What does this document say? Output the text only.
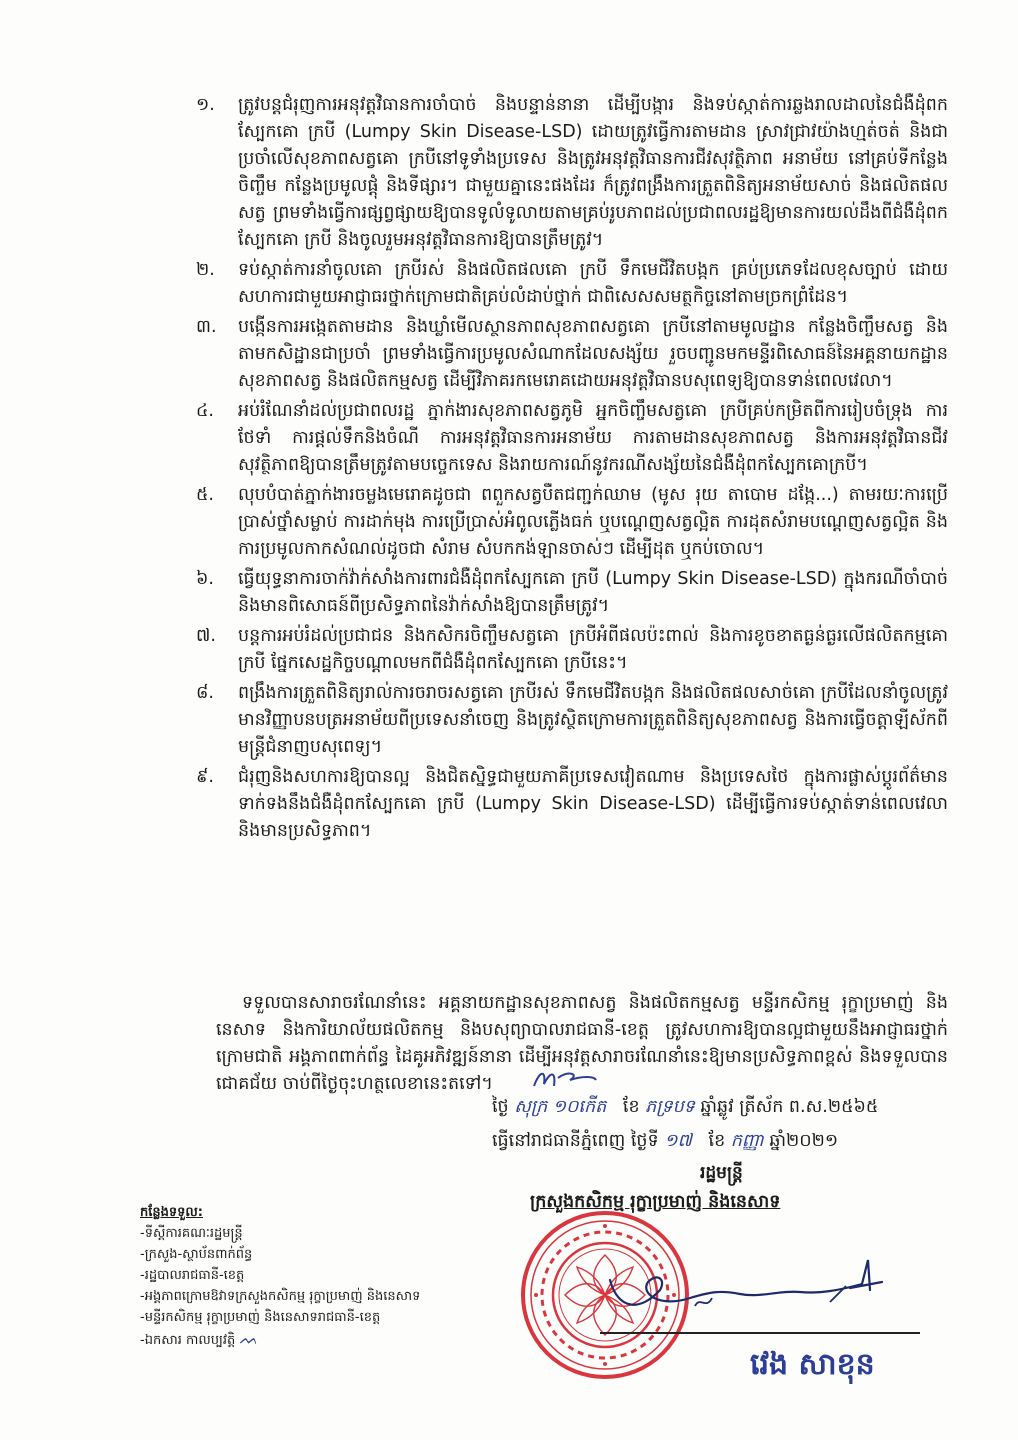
១. ត្រូវបន្តជំរុញការអនុវត្តវិធានការចាំបាច់ និងបន្ទាន់នានា ដើម្បីបង្ការ និងទប់ស្កាត់ការឆ្លងរាលដាលនៃជំងឺដុំពកស្បែកគោ ក្របី (Lumpy Skin Disease-LSD) ដោយត្រូវធ្វើការតាមដាន ស្រាវជ្រាវយ៉ាងហ្មត់ចត់ និងជាប្រចាំលើសុខភាពសត្វគោ ក្របីនៅទូទាំងប្រទេស និងត្រូវអនុវត្តវិធានការជីវសុវត្ថិភាព អនាម័យ នៅគ្រប់ទីកន្លែងចិញ្ចឹម កន្លែងប្រមូលផ្តុំ និងទីផ្សារ។ ជាមួយគ្នានេះផងដែរ ក៏ត្រូវពង្រឹងការត្រួតពិនិត្យអនាម័យសាច់ និងផលិតផលសត្វ ព្រមទាំងធ្វើការផ្សព្វផ្សាយឱ្យបានទូលំទូលាយតាមគ្រប់រូបភាពដល់ប្រជាពលរដ្ឋឱ្យមានការយល់ដឹងពីជំងឺដុំពកស្បែកគោ ក្របី និងចូលរួមអនុវត្តវិធានការឱ្យបានត្រឹមត្រូវ។
២. ទប់ស្កាត់ការនាំចូលគោ ក្របីរស់ និងផលិតផលគោ ក្របី ទឹកមេជីវិតបង្កក គ្រប់ប្រភេទដែលខុសច្បាប់ ដោយសហការជាមួយអាជ្ញាធរថ្នាក់ក្រោមជាតិគ្រប់លំដាប់ថ្នាក់ ជាពិសេសសមត្ថកិច្ចនៅតាមច្រកព្រំដែន។
៣. បង្កើនការអង្កេតតាមដាន និងឃ្លាំមើលស្ថានភាពសុខភាពសត្វគោ ក្របីនៅតាមមូលដ្ឋាន កន្លែងចិញ្ចឹមសត្វ និងតាមកសិដ្ឋានជាប្រចាំ ព្រមទាំងធ្វើការប្រមូលសំណាកដែលសង្ស័យ រួចបញ្ជូនមកមន្ទីរពិសោធន៍នៃអគ្គនាយកដ្ឋានសុខភាពសត្វ និងផលិតកម្មសត្វ ដើម្បីវិភាគរកមេរោគដោយអនុវត្តវិធានបសុពេទ្យឱ្យបានទាន់ពេលវេលា។
៤. អប់រំណែនាំដល់ប្រជាពលរដ្ឋ ភ្នាក់ងារសុខភាពសត្វភូមិ អ្នកចិញ្ចឹមសត្វគោ ក្របីគ្រប់កម្រិតពីការរៀបចំទ្រុង ការថែទាំ ការផ្តល់ទឹកនិងចំណី ការអនុវត្តវិធានការអនាម័យ ការតាមដានសុខភាពសត្វ និងការអនុវត្តវិធានជីវសុវត្ថិភាពឱ្យបានត្រឹមត្រូវតាមបច្ចេកទេស និងរាយការណ៍នូវករណីសង្ស័យនៃជំងឺដុំពកស្បែកគោក្របី។
៥. លុបបំបាត់ភ្នាក់ងារចម្លងមេរោគដូចជា ពពួកសត្វបឺតជញ្ជក់ឈាម (មូស រុយ តាបោម ដង្កែ...) តាមរយៈការប្រើប្រាស់ថ្នាំសម្លាប់ ការដាក់មុង ការប្រើប្រាស់អំពូលភ្លើងធក់ ឬបណ្តេញសត្វល្អិត ការដុតសំរាមបណ្តេញសត្វល្អិត និងការប្រមូលកាកសំណល់ដូចជា សំរាម សំបកកង់ឡានចាស់ៗ ដើម្បីដុត ឬកប់ចោល។
៦. ធ្វើយុទ្ធនាការចាក់វ៉ាក់សាំងការពារជំងឺដុំពកស្បែកគោ ក្របី (Lumpy Skin Disease-LSD) ក្នុងករណីចាំបាច់ និងមានពិសោធន៍ពីប្រសិទ្ធភាពនៃវ៉ាក់សាំងឱ្យបានត្រឹមត្រូវ។
៧. បន្តការអប់រំដល់ប្រជាជន និងកសិករចិញ្ចឹមសត្វគោ ក្របីអំពីផលប៉ះពាល់ និងការខូចខាតធ្ងន់ធ្ងរលើផលិតកម្មគោ ក្របី ផ្នែកសេដ្ឋកិច្ចបណ្តាលមកពីជំងឺដុំពកស្បែកគោ ក្របីនេះ។
៨. ពង្រឹងការត្រួតពិនិត្យរាល់ការចរាចរសត្វគោ ក្របីរស់ ទឹកមេជីវិតបង្កក និងផលិតផលសាច់គោ ក្របីដែលនាំចូលត្រូវមានវិញ្ញាបនបត្រអនាម័យពីប្រទេសនាំចេញ និងត្រូវស្ថិតក្រោមការត្រួតពិនិត្យសុខភាពសត្វ និងការធ្វើចត្តាឡីស័កពីមន្ត្រីជំនាញបសុពេទ្យ។
៩. ជំរុញនិងសហការឱ្យបានល្អ និងជិតស្និទ្ធជាមួយភាគីប្រទេសវៀតណាម និងប្រទេសថៃ ក្នុងការផ្លាស់ប្តូរព័ត៌មានទាក់ទងនឹងជំងឺដុំពកស្បែកគោ ក្របី (Lumpy Skin Disease-LSD) ដើម្បីធ្វើការទប់ស្កាត់ទាន់ពេលវេលា និងមានប្រសិទ្ធភាព។

ទទួលបានសារាចរណែនាំនេះ អគ្គនាយកដ្ឋានសុខភាពសត្វ និងផលិតកម្មសត្វ មន្ទីរកសិកម្ម រុក្ខាប្រមាញ់ និងនេសាទ និងការិយាល័យផលិតកម្ម និងបសុព្យាបាលរាជធានី-ខេត្ត ត្រូវសហការឱ្យបានល្អជាមួយនឹងអាជ្ញាធរថ្នាក់ក្រោមជាតិ អង្គភាពពាក់ព័ន្ធ ដៃគូអភិវឌ្ឍន៍នានា ដើម្បីអនុវត្តសារាចរណែនាំនេះឱ្យមានប្រសិទ្ធភាពខ្ពស់ និងទទួលបានជោគជ័យ ចាប់ពីថ្ងៃចុះហត្ថលេខានេះតទៅ។

ថ្ងៃ សុក្រ ១០កើត ខែ ភទ្របទ ឆ្នាំឆ្លូវ ត្រីស័ក ព.ស.២៥៦៥
ធ្វើនៅរាជធានីភ្នំពេញ ថ្ងៃទី ១៧ ខែ កញ្ញា ឆ្នាំ២០២១
រដ្ឋមន្ត្រី
ក្រសួងកសិកម្ម រុក្ខាប្រមាញ់ និងនេសាទ
កន្លែងទទួល:
-ទីស្តីការគណៈរដ្ឋមន្ត្រី
-ក្រសួង-ស្ថាប័នពាក់ព័ន្ធ
-រដ្ឋបាលរាជធានី-ខេត្ត
-អង្គភាពក្រោមឱវាទក្រសួងកសិកម្ម រុក្ខាប្រមាញ់ និងនេសាទ
-មន្ទីរកសិកម្ម រុក្ខាប្រមាញ់ និងនេសាទរាជធានី-ខេត្ត
-ឯកសារ កាលប្បវត្តិ ᨓ
វេង សាខុន
